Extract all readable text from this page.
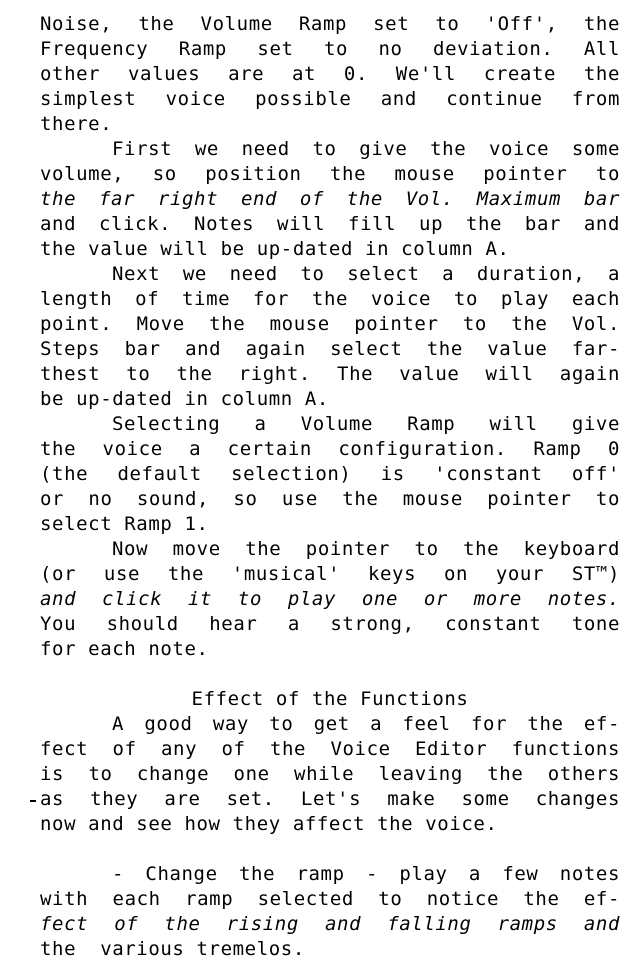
Noise, the Volume Ramp set to 'Off', the
Frequency Ramp set to no deviation. All
other values are at 0. We'll create the
simplest voice possible and continue from
there.
First we need to give the voice some
volume, so position the mouse pointer to
the far right end of the Vol. Maximum bar
and click. Notes will fill up the bar and
the value will be up-dated in column A.
Next we need to select a duration, a
length of time for the voice to play each
point. Move the mouse pointer to the Vol.
Steps bar and again select the value far-
thest to the right. The value will again
be up-dated in column A.
Selecting a Volume Ramp will give
the voice a certain configuration. Ramp 0
(the default selection) is 'constant off'
or no sound, so use the mouse pointer to
select Ramp 1.
Now move the pointer to the keyboard
(or use the 'musical' keys on your ST™)
and click it to play one or more notes.
You should hear a strong, constant tone
for each note.
Effect of the Functions
A good way to get a feel for the ef-
fect of any of the Voice Editor functions
is to change one while leaving the others
as they are set. Let's make some changes
now and see how they affect the voice.
- Change the ramp - play a few notes
with each ramp selected to notice the ef-
fect of the rising and falling ramps and
the  various tremelos.
